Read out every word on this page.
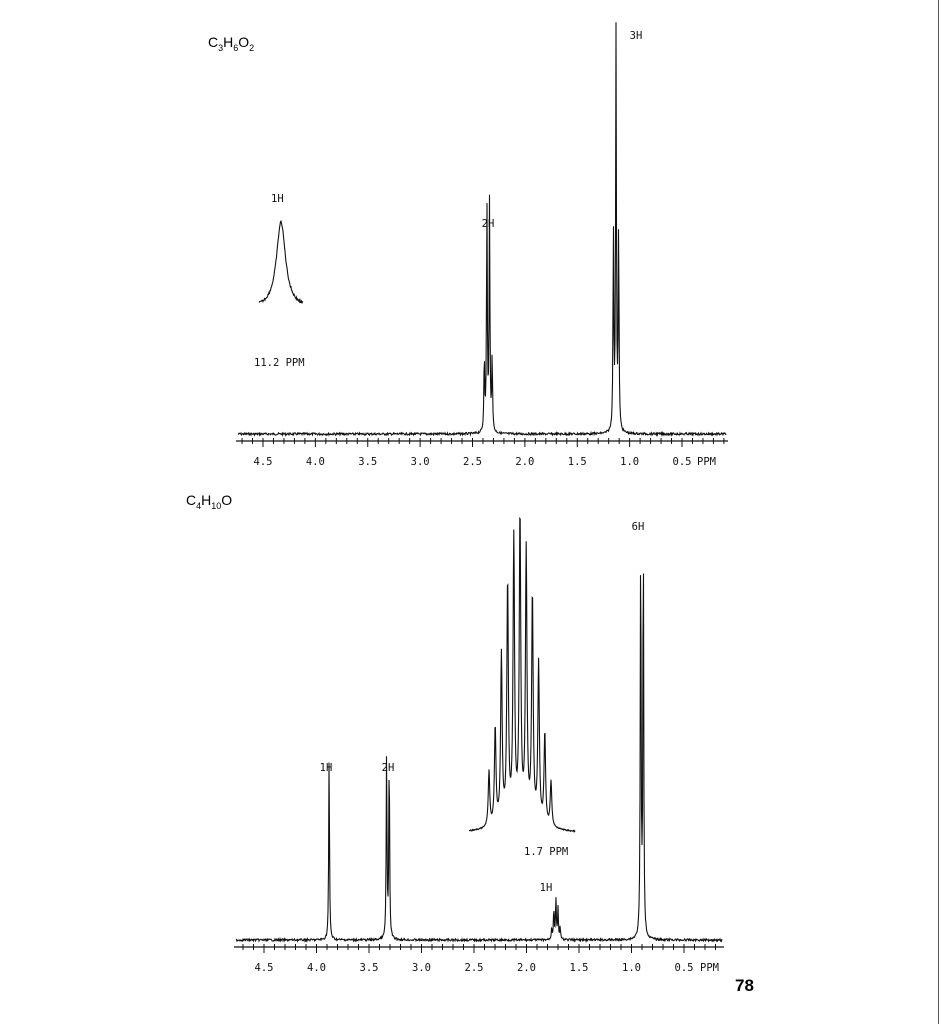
$C_3H_6O_2$
$C_4H_{10}O$
4.5	4.0	3.5	3.0	2.5	2.0	1.5	1.0	0.5 PPM
2H
3H
11.2 PPM
1H
4.5	4.0	3.5	3.0	2.5	2.0	1.5	1.0	0.5 PPM
1H	2H
1H
6H
1.7 PPM
78
